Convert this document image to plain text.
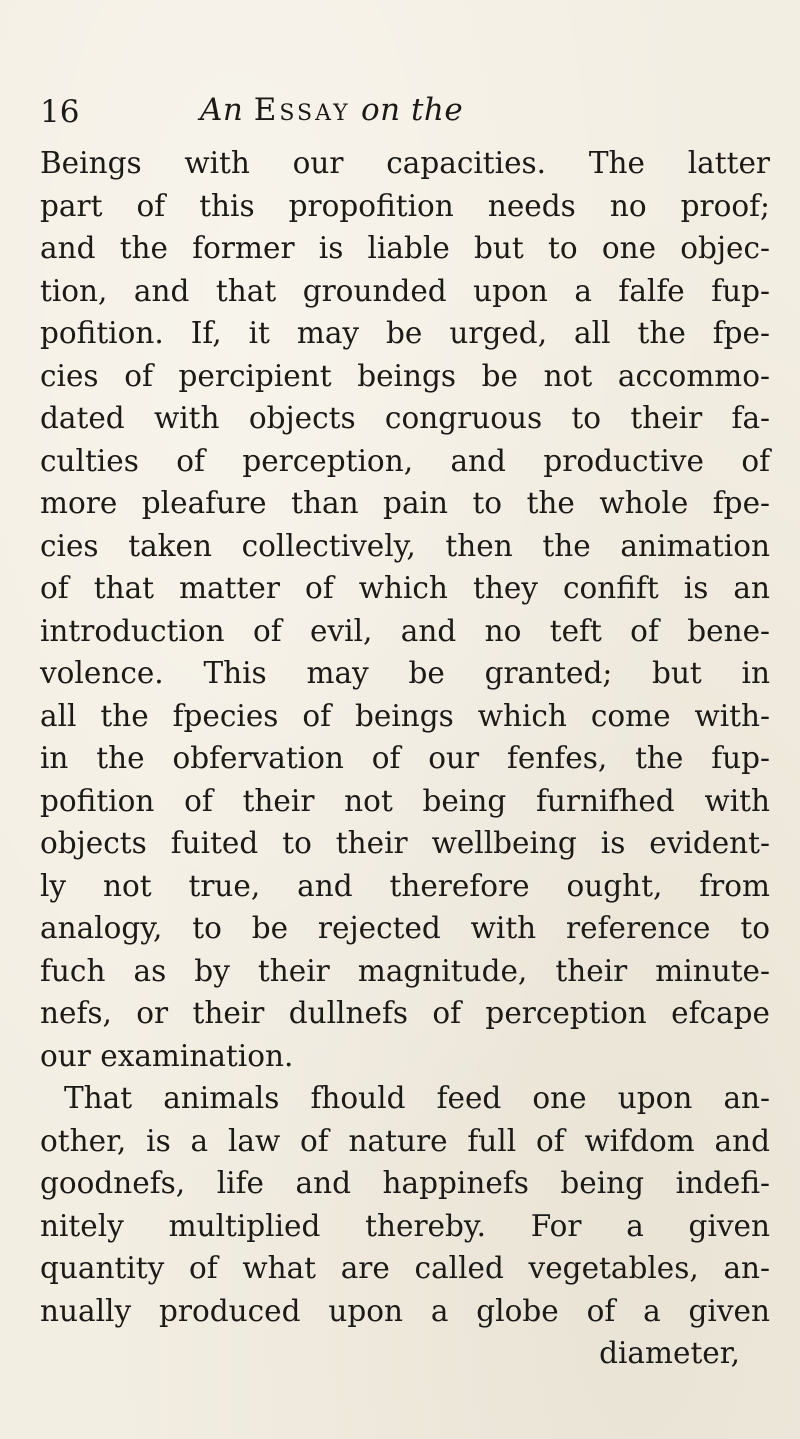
16	An Essay on the
Beings with our capacities. The latter
part of this propofition needs no proof;
and the former is liable but to one objec-
tion, and that grounded upon a falfe fup-
pofition. If, it may be urged, all the fpe-
cies of percipient beings be not accommo-
dated with objects congruous to their fa-
culties of perception, and productive of
more pleafure than pain to the whole fpe-
cies taken collectively, then the animation
of that matter of which they confift is an
introduction of evil, and no teft of bene-
volence. This may be granted; but in
all the fpecies of beings which come with-
in the obfervation of our fenfes, the fup-
pofition of their not being furnifhed with
objects fuited to their wellbeing is evident-
ly not true, and therefore ought, from
analogy, to be rejected with reference to
fuch as by their magnitude, their minute-
nefs, or their dullnefs of perception efcape
our examination.
That animals fhould feed one upon an-
other, is a law of nature full of wifdom and
goodnefs, life and happinefs being indefi-
nitely multiplied thereby. For a given
quantity of what are called vegetables, an-
nually produced upon a globe of a given
diameter,
